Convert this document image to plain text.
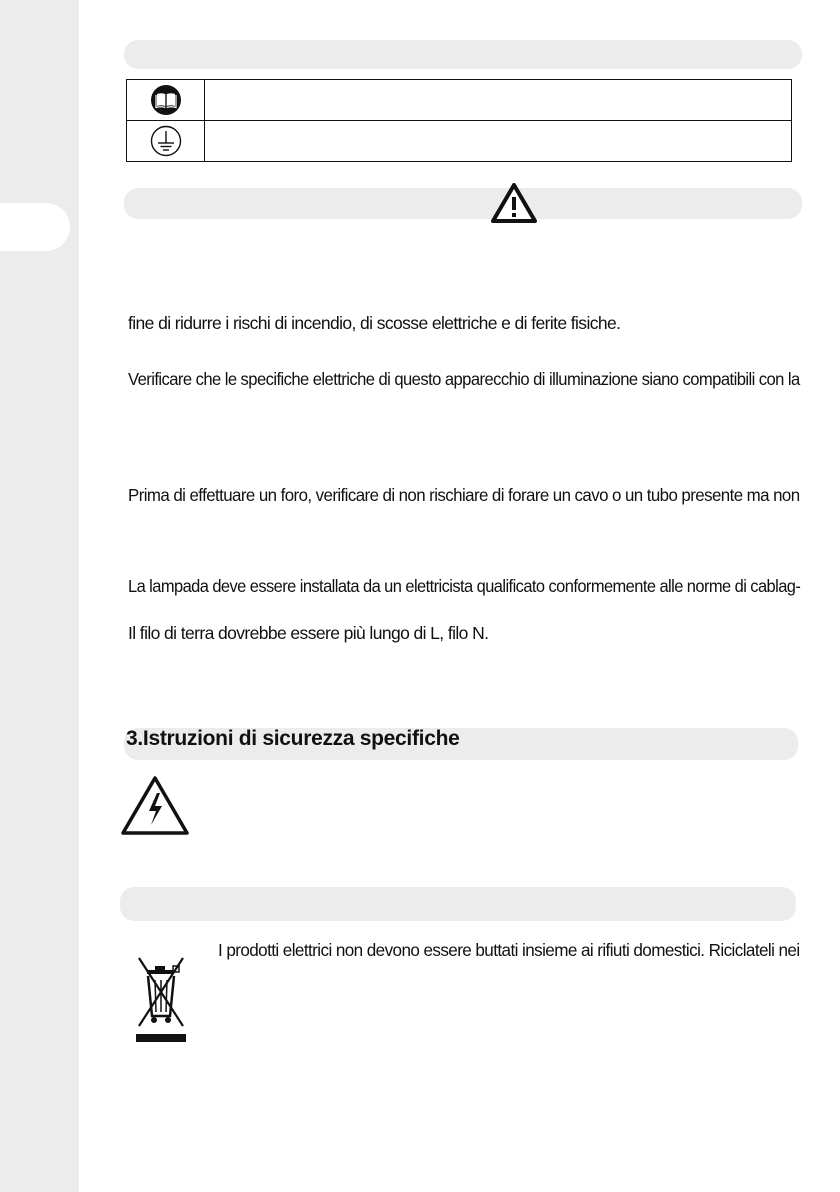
fine di ridurre i rischi di incendio, di scosse elettriche e di ferite fisiche.
Verificare che le specifiche elettriche di questo apparecchio di illuminazione siano compatibili con la
Prima di effettuare un foro, verificare di non rischiare di forare un cavo o un tubo presente ma non
La lampada deve essere installata da un elettricista qualificato conformemente alle norme di cablag-
Il filo di terra dovrebbe essere più lungo di L, filo N.
3.Istruzioni di sicurezza specifiche
I prodotti elettrici non devono essere buttati insieme ai rifiuti domestici. Riciclateli nei
